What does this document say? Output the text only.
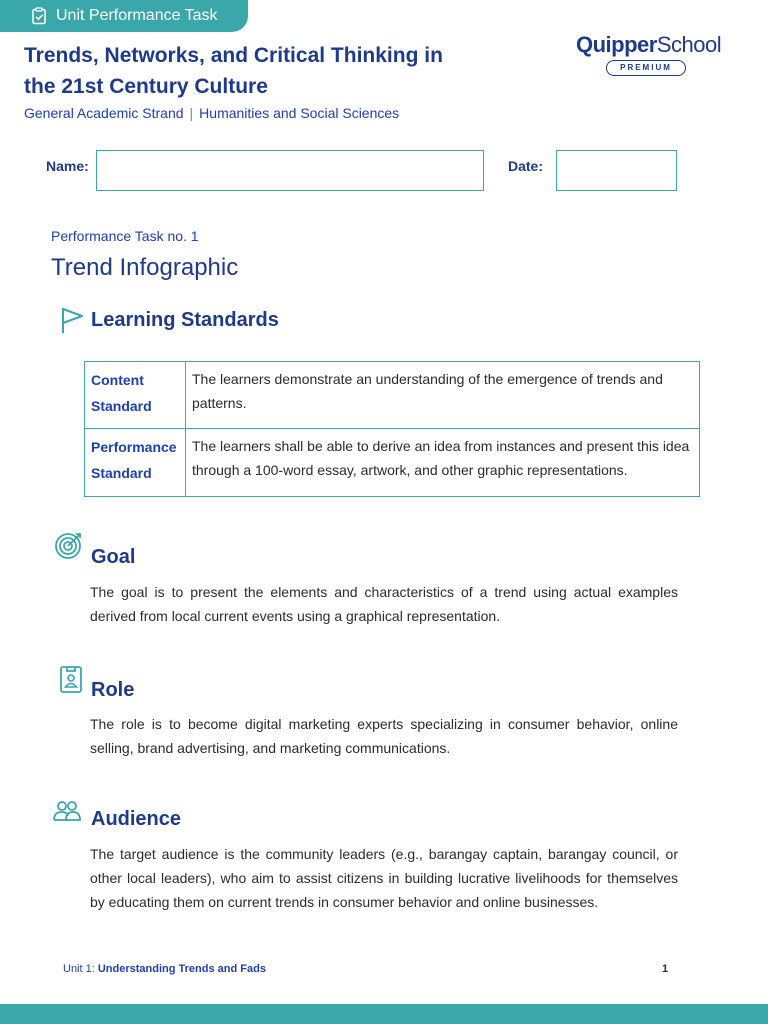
Unit Performance Task
Trends, Networks, and Critical Thinking in the 21st Century Culture
General Academic Strand | Humanities and Social Sciences
QuipperSchool
PREMIUM
Name:	Date:
Performance Task no. 1
Trend Infographic
Learning Standards
Content Standard	The learners demonstrate an understanding of the emergence of trends and patterns.
Performance Standard	The learners shall be able to derive an idea from instances and present this idea through a 100-word essay, artwork, and other graphic representations.
Goal
The goal is to present the elements and characteristics of a trend using actual examples derived from local current events using a graphical representation.
Role
The role is to become digital marketing experts specializing in consumer behavior, online selling, brand advertising, and marketing communications.
Audience
The target audience is the community leaders (e.g., barangay captain, barangay council, or other local leaders), who aim to assist citizens in building lucrative livelihoods for themselves by educating them on current trends in consumer behavior and online businesses.
Unit 1: Understanding Trends and Fads	1
